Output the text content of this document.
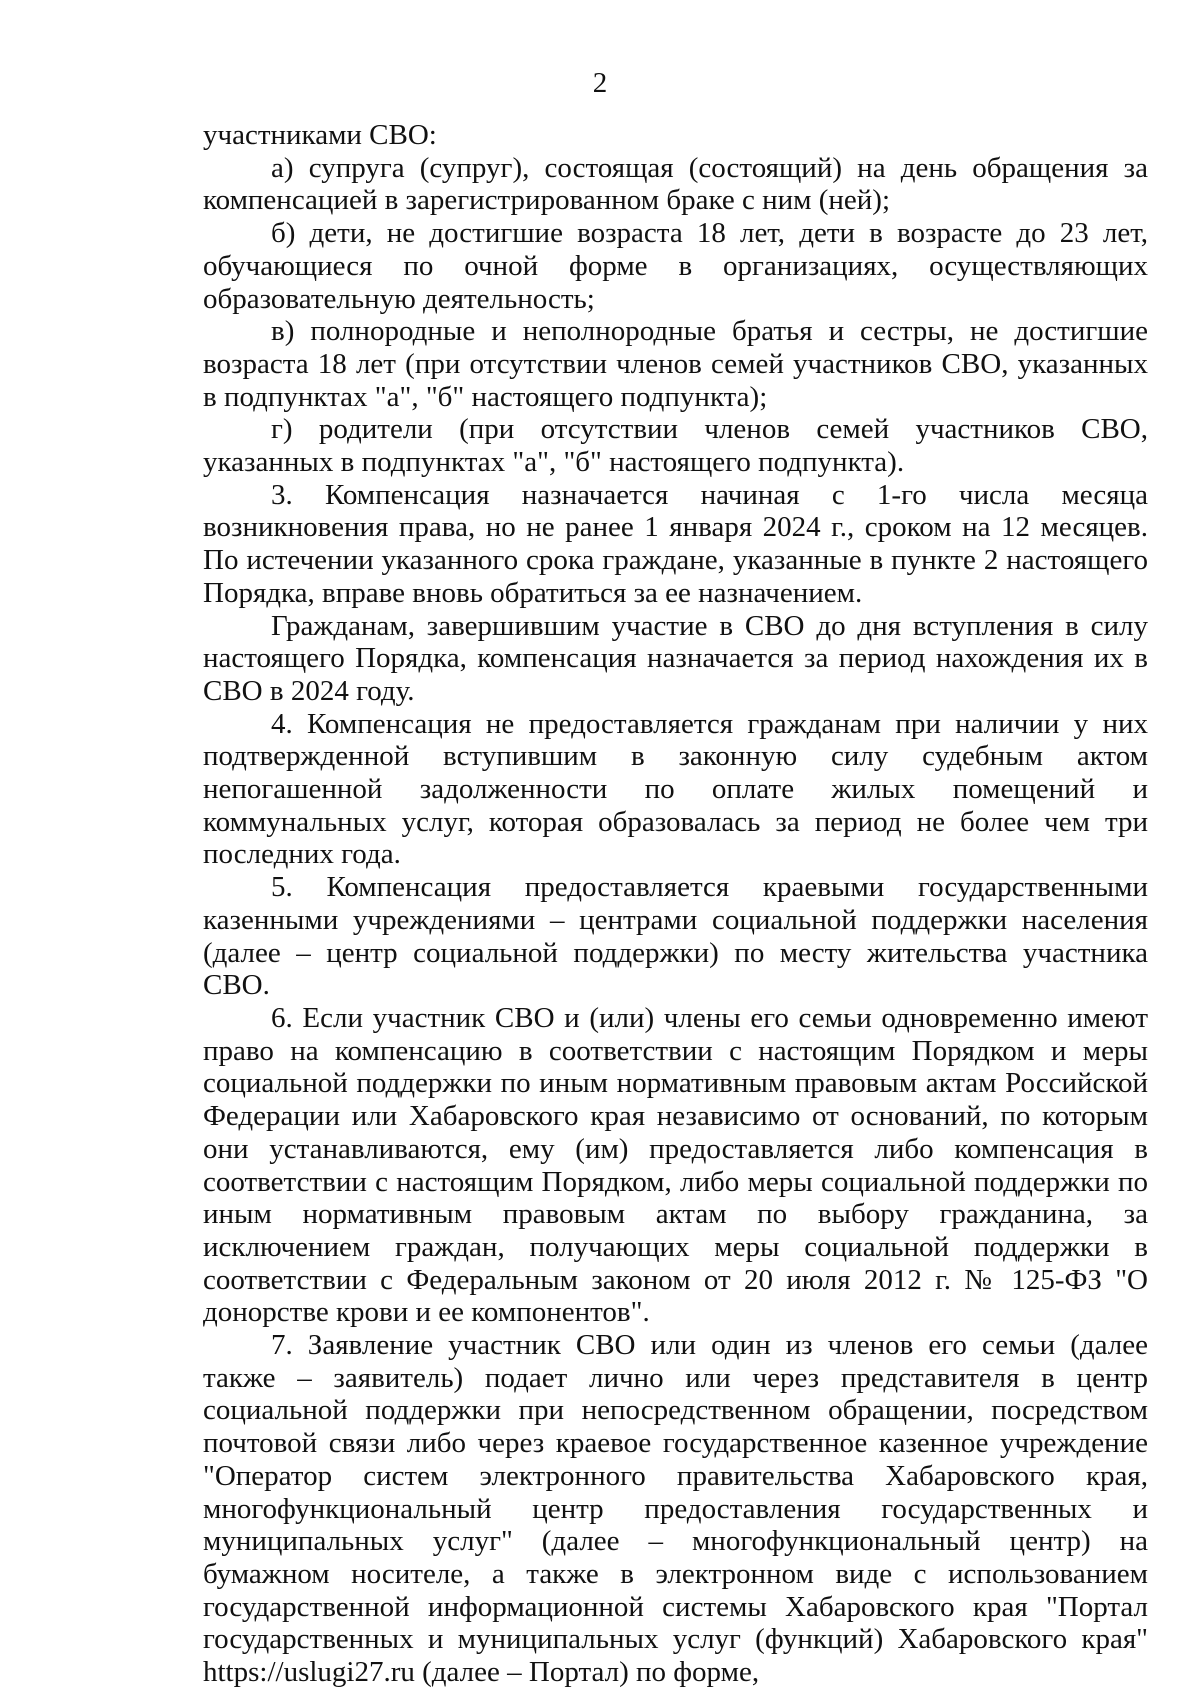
2

участниками СВО:

а) супруга (супруг), состоящая (состоящий) на день обращения за компенсацией в зарегистрированном браке с ним (ней);

б) дети, не достигшие возраста 18 лет, дети в возрасте до 23 лет, обучающиеся по очной форме в организациях, осуществляющих образовательную деятельность;

в) полнородные и неполнородные братья и сестры, не достигшие возраста 18 лет (при отсутствии членов семей участников СВО, указанных в подпунктах "а", "б" настоящего подпункта);

г) родители (при отсутствии членов семей участников СВО, указанных в подпунктах "а", "б" настоящего подпункта).

3. Компенсация назначается начиная с 1-го числа месяца возникновения права, но не ранее 1 января 2024 г., сроком на 12 месяцев. По истечении указанного срока граждане, указанные в пункте 2 настоящего Порядка, вправе вновь обратиться за ее назначением.

Гражданам, завершившим участие в СВО до дня вступления в силу настоящего Порядка, компенсация назначается за период нахождения их в СВО в 2024 году.

4. Компенсация не предоставляется гражданам при наличии у них подтвержденной вступившим в законную силу судебным актом непогашенной задолженности по оплате жилых помещений и коммунальных услуг, которая образовалась за период не более чем три последних года.

5. Компенсация предоставляется краевыми государственными казенными учреждениями – центрами социальной поддержки населения (далее – центр социальной поддержки) по месту жительства участника СВО.

6. Если участник СВО и (или) члены его семьи одновременно имеют право на компенсацию в соответствии с настоящим Порядком и меры социальной поддержки по иным нормативным правовым актам Российской Федерации или Хабаровского края независимо от оснований, по которым они устанавливаются, ему (им) предоставляется либо компенсация в соответствии с настоящим Порядком, либо меры социальной поддержки по иным нормативным правовым актам по выбору гражданина, за исключением граждан, получающих меры социальной поддержки в соответствии с Федеральным законом от 20 июля 2012 г. № 125-ФЗ "О донорстве крови и ее компонентов".

7. Заявление участник СВО или один из членов его семьи (далее также – заявитель) подает лично или через представителя в центр социальной поддержки при непосредственном обращении, посредством почтовой связи либо через краевое государственное казенное учреждение "Оператор систем электронного правительства Хабаровского края, многофункциональный центр предоставления государственных и муниципальных услуг" (далее – многофункциональный центр) на бумажном носителе, а также в электронном виде с использованием государственной информационной системы Хабаровского края "Портал государственных и муниципальных услуг (функций) Хабаровского края" https://uslugi27.ru (далее – Портал) по форме,
